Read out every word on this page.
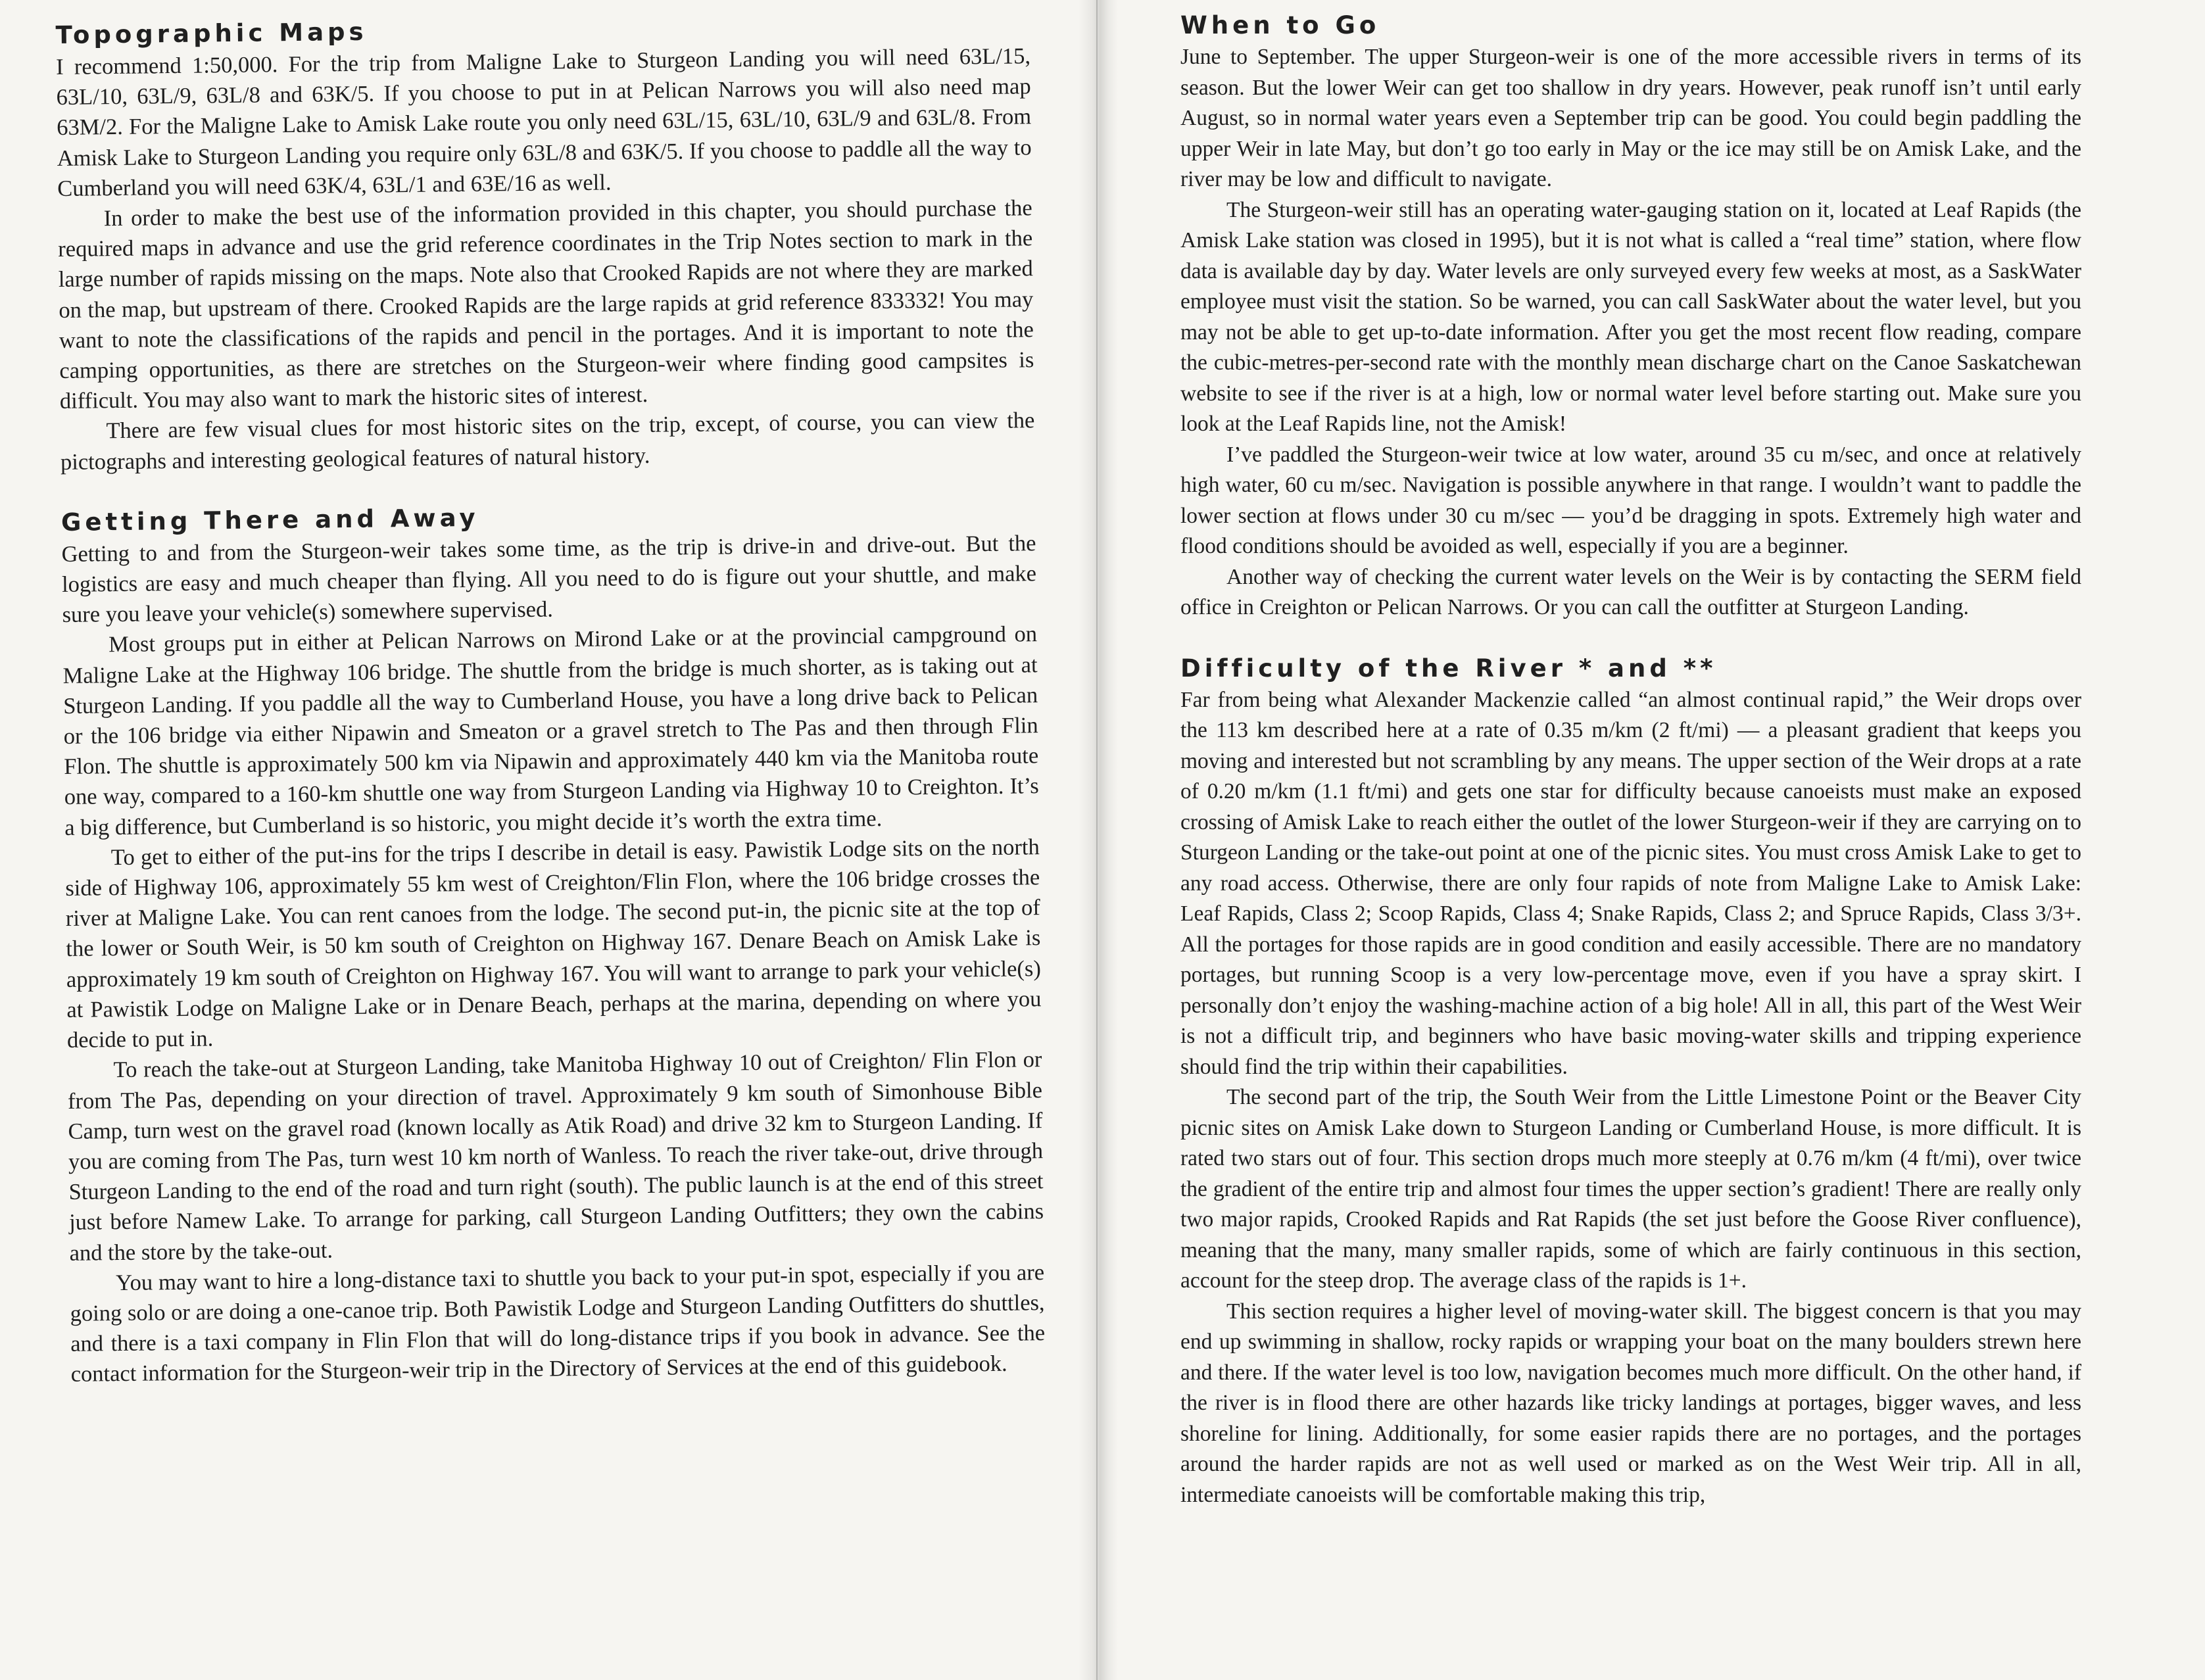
Topographic Maps

I recommend 1:50,000. For the trip from Maligne Lake to Sturgeon Landing you will need 63L/15, 63L/10, 63L/9, 63L/8 and 63K/5. If you choose to put in at Pelican Narrows you will also need map 63M/2. For the Maligne Lake to Amisk Lake route you only need 63L/15, 63L/10, 63L/9 and 63L/8. From Amisk Lake to Sturgeon Landing you require only 63L/8 and 63K/5. If you choose to paddle all the way to Cumberland you will need 63K/4, 63L/1 and 63E/16 as well.

In order to make the best use of the information provided in this chapter, you should purchase the required maps in advance and use the grid reference coordinates in the Trip Notes section to mark in the large number of rapids missing on the maps. Note also that Crooked Rapids are not where they are marked on the map, but upstream of there. Crooked Rapids are the large rapids at grid reference 833332! You may want to note the classifications of the rapids and pencil in the portages. And it is important to note the camping opportunities, as there are stretches on the Sturgeon-weir where finding good campsites is difficult. You may also want to mark the historic sites of interest.

There are few visual clues for most historic sites on the trip, except, of course, you can view the pictographs and interesting geological features of natural history.

Getting There and Away

Getting to and from the Sturgeon-weir takes some time, as the trip is drive-in and drive-out. But the logistics are easy and much cheaper than flying. All you need to do is figure out your shuttle, and make sure you leave your vehicle(s) somewhere supervised.

Most groups put in either at Pelican Narrows on Mirond Lake or at the provincial campground on Maligne Lake at the Highway 106 bridge. The shuttle from the bridge is much shorter, as is taking out at Sturgeon Landing. If you paddle all the way to Cumberland House, you have a long drive back to Pelican or the 106 bridge via either Nipawin and Smeaton or a gravel stretch to The Pas and then through Flin Flon. The shuttle is approximately 500 km via Nipawin and approximately 440 km via the Manitoba route one way, compared to a 160-km shuttle one way from Sturgeon Landing via Highway 10 to Creighton. It’s a big difference, but Cumberland is so historic, you might decide it’s worth the extra time.

To get to either of the put-ins for the trips I describe in detail is easy. Pawistik Lodge sits on the north side of Highway 106, approximately 55 km west of Creighton/Flin Flon, where the 106 bridge crosses the river at Maligne Lake. You can rent canoes from the lodge. The second put-in, the picnic site at the top of the lower or South Weir, is 50 km south of Creighton on Highway 167. Denare Beach on Amisk Lake is approximately 19 km south of Creighton on Highway 167. You will want to arrange to park your vehicle(s) at Pawistik Lodge on Maligne Lake or in Denare Beach, perhaps at the marina, depending on where you decide to put in.

To reach the take-out at Sturgeon Landing, take Manitoba Highway 10 out of Creighton/ Flin Flon or from The Pas, depending on your direction of travel. Approximately 9 km south of Simonhouse Bible Camp, turn west on the gravel road (known locally as Atik Road) and drive 32 km to Sturgeon Landing. If you are coming from The Pas, turn west 10 km north of Wanless. To reach the river take-out, drive through Sturgeon Landing to the end of the road and turn right (south). The public launch is at the end of this street just before Namew Lake. To arrange for parking, call Sturgeon Landing Outfitters; they own the cabins and the store by the take-out.

You may want to hire a long-distance taxi to shuttle you back to your put-in spot, especially if you are going solo or are doing a one-canoe trip. Both Pawistik Lodge and Sturgeon Landing Outfitters do shuttles, and there is a taxi company in Flin Flon that will do long-distance trips if you book in advance. See the contact information for the Sturgeon-weir trip in the Directory of Services at the end of this guidebook.

When to Go

June to September. The upper Sturgeon-weir is one of the more accessible rivers in terms of its season. But the lower Weir can get too shallow in dry years. However, peak runoff isn’t until early August, so in normal water years even a September trip can be good. You could begin paddling the upper Weir in late May, but don’t go too early in May or the ice may still be on Amisk Lake, and the river may be low and difficult to navigate.

The Sturgeon-weir still has an operating water-gauging station on it, located at Leaf Rapids (the Amisk Lake station was closed in 1995), but it is not what is called a “real time” station, where flow data is available day by day. Water levels are only surveyed every few weeks at most, as a SaskWater employee must visit the station. So be warned, you can call SaskWater about the water level, but you may not be able to get up-to-date information. After you get the most recent flow reading, compare the cubic-metres-per-second rate with the monthly mean discharge chart on the Canoe Saskatchewan website to see if the river is at a high, low or normal water level before starting out. Make sure you look at the Leaf Rapids line, not the Amisk!

I’ve paddled the Sturgeon-weir twice at low water, around 35 cu m/sec, and once at relatively high water, 60 cu m/sec. Navigation is possible anywhere in that range. I wouldn’t want to paddle the lower section at flows under 30 cu m/sec — you’d be dragging in spots. Extremely high water and flood conditions should be avoided as well, especially if you are a beginner.

Another way of checking the current water levels on the Weir is by contacting the SERM field office in Creighton or Pelican Narrows. Or you can call the outfitter at Sturgeon Landing.

Difficulty of the River * and **

Far from being what Alexander Mackenzie called “an almost continual rapid,” the Weir drops over the 113 km described here at a rate of 0.35 m/km (2 ft/mi) — a pleasant gradient that keeps you moving and interested but not scrambling by any means. The upper section of the Weir drops at a rate of 0.20 m/km (1.1 ft/mi) and gets one star for difficulty because canoeists must make an exposed crossing of Amisk Lake to reach either the outlet of the lower Sturgeon-weir if they are carrying on to Sturgeon Landing or the take-out point at one of the picnic sites. You must cross Amisk Lake to get to any road access. Otherwise, there are only four rapids of note from Maligne Lake to Amisk Lake: Leaf Rapids, Class 2; Scoop Rapids, Class 4; Snake Rapids, Class 2; and Spruce Rapids, Class 3/3+. All the portages for those rapids are in good condition and easily accessible. There are no mandatory portages, but running Scoop is a very low-percentage move, even if you have a spray skirt. I personally don’t enjoy the washing-machine action of a big hole! All in all, this part of the West Weir is not a difficult trip, and beginners who have basic moving-water skills and tripping experience should find the trip within their capabilities.

The second part of the trip, the South Weir from the Little Limestone Point or the Beaver City picnic sites on Amisk Lake down to Sturgeon Landing or Cumberland House, is more difficult. It is rated two stars out of four. This section drops much more steeply at 0.76 m/km (4 ft/mi), over twice the gradient of the entire trip and almost four times the upper section’s gradient! There are really only two major rapids, Crooked Rapids and Rat Rapids (the set just before the Goose River confluence), meaning that the many, many smaller rapids, some of which are fairly continuous in this section, account for the steep drop. The average class of the rapids is 1+.

This section requires a higher level of moving-water skill. The biggest concern is that you may end up swimming in shallow, rocky rapids or wrapping your boat on the many boulders strewn here and there. If the water level is too low, navigation becomes much more difficult. On the other hand, if the river is in flood there are other hazards like tricky landings at portages, bigger waves, and less shoreline for lining. Additionally, for some easier rapids there are no portages, and the portages around the harder rapids are not as well used or marked as on the West Weir trip. All in all, intermediate canoeists will be comfortable making this trip,
